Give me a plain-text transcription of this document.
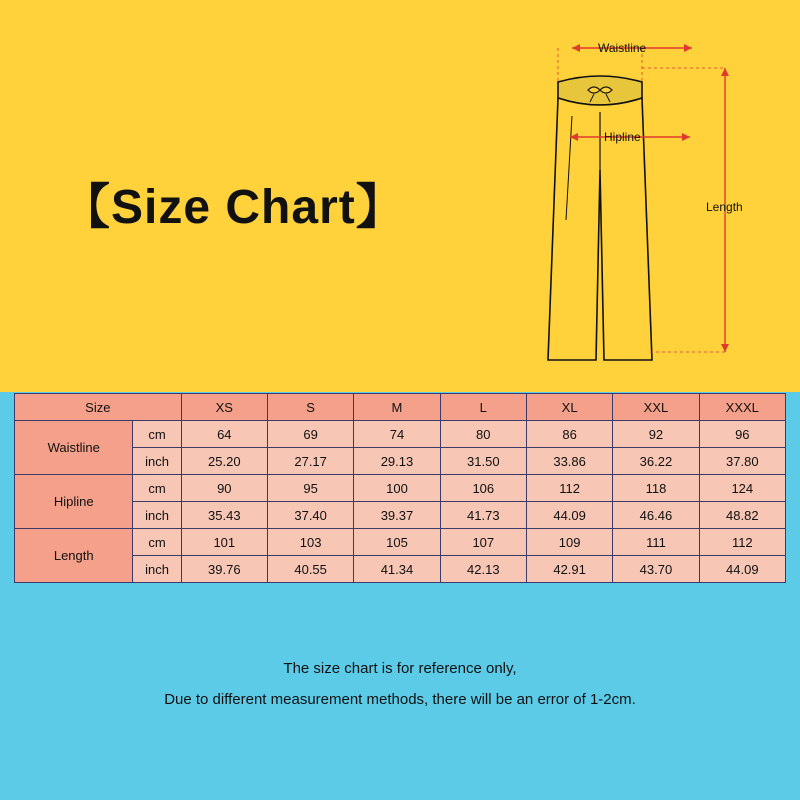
【Size Chart】
Waistline
Hipline
Length
Size		XS	S	M	L	XL	XXL	XXXL
Waistline	cm	64	69	74	80	86	92	96
	inch	25.20	27.17	29.13	31.50	33.86	36.22	37.80
Hipline	cm	90	95	100	106	112	118	124
	inch	35.43	37.40	39.37	41.73	44.09	46.46	48.82
Length	cm	101	103	105	107	109	111	112
	inch	39.76	40.55	41.34	42.13	42.91	43.70	44.09
The size chart is for reference only,
Due to different measurement methods, there will be an error of 1-2cm.
